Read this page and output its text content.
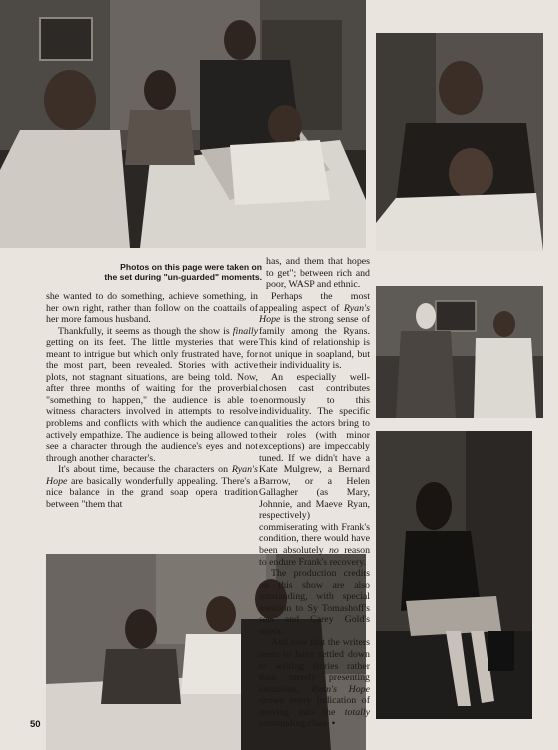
Photos on this page were taken on
the set during "un-guarded" moments.

she wanted to do something, achieve something, in her own right, rather than follow on the coattails of her more famous husband.

Thankfully, it seems as though the show is finally getting on its feet. The little mysteries that were meant to intrigue but which only frustrated have, for the most part, been revealed. Stories with active plots, not stagnant situations, are being told. Now, after three months of waiting for the proverbial "something to happen," the audience is able to witness characters involved in attempts to resolve problems and conflicts with which the audience can actively empathize. The audience is being allowed to see a character through the audience's eyes and not through another character's.

It's about time, because the characters on Ryan's Hope are basically wonderfully appealing. There's a nice balance in the grand soap opera tradition between "them that

has, and them that hopes to get"; between rich and poor, WASP and ethnic.

Perhaps the most appealing aspect of Ryan's Hope is the strong sense of family among the Ryans. This kind of relationship is not unique in soapland, but their individuality is.

An especially well-chosen cast contributes enormously to this individuality. The specific qualities the actors bring to their roles (with minor exceptions) are impeccably tuned. If we didn't have a Kate Mulgrew, a Bernard Barrow, or a Helen Gallagher (as Mary, Johnnie, and Maeve Ryan, respectively) commiserating with Frank's condition, there would have been absolutely no reason to endure Frank's recovery.

The production credits on this show are also outstanding, with special mention to Sy Tomashoff's sets and Carey Gold's music.

And now that the writers seem to have settled down to writing stories rather than merely presenting situations, Ryan's Hope shows every indication of moving into the totally outstanding class. •

50
